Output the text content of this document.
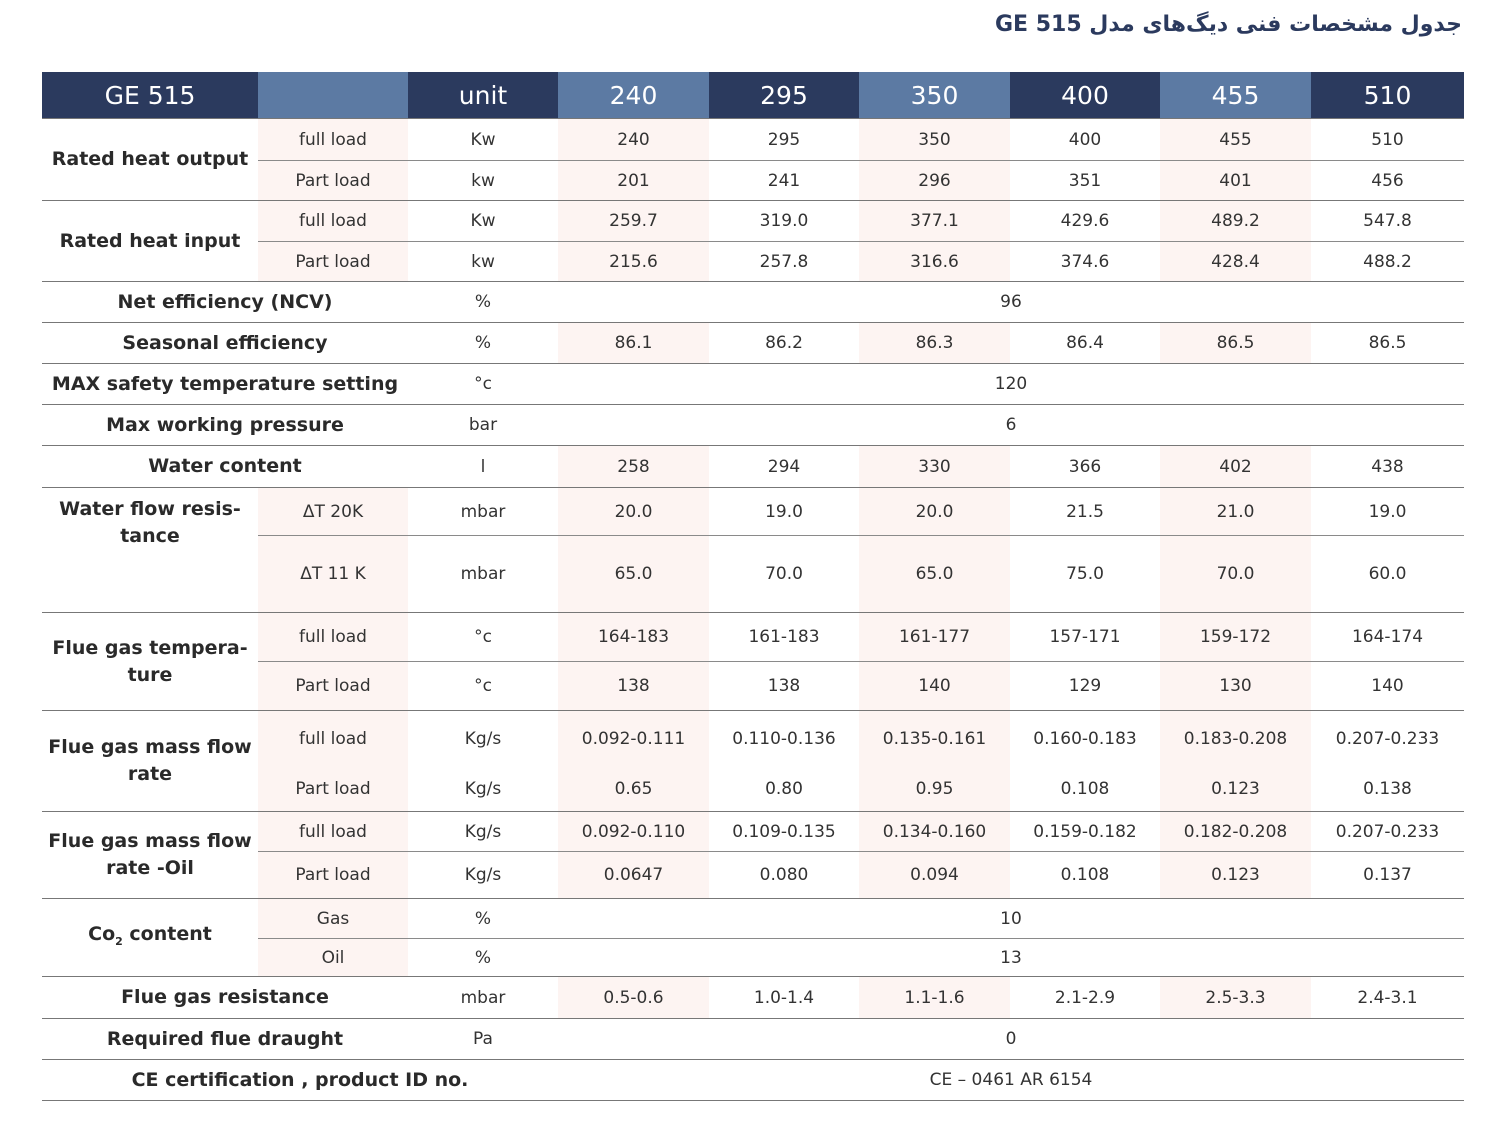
جدول مشخصات فنی دیگ‌های مدل GE 515
GE 515		unit	240	295	350	400	455	510
Rated heat output	full load	Kw	240	295	350	400	455	510
	Part load	kw	201	241	296	351	401	456
Rated heat input	full load	Kw	259.7	319.0	377.1	429.6	489.2	547.8
	Part load	kw	215.6	257.8	316.6	374.6	428.4	488.2
Net efficiency (NCV)		%	96					
Seasonal efficiency		%	86.1	86.2	86.3	86.4	86.5	86.5
MAX safety temperature setting		°c	120					
Max working pressure		bar	6					
Water content		l	258	294	330	366	402	438
Water flow resis-
tance	ΔT 20K	mbar	20.0	19.0	20.0	21.5	21.0	19.0
	ΔT 11 K	mbar	65.0	70.0	65.0	75.0	70.0	60.0
Flue gas tempera-
ture	full load	°c	164-183	161-183	161-177	157-171	159-172	164-174
	Part load	°c	138	138	140	129	130	140
Flue gas mass flow
rate	full load	Kg/s	0.092-0.111	0.110-0.136	0.135-0.161	0.160-0.183	0.183-0.208	0.207-0.233
	Part load	Kg/s	0.65	0.80	0.95	0.108	0.123	0.138
Flue gas mass flow
rate -Oil	full load	Kg/s	0.092-0.110	0.109-0.135	0.134-0.160	0.159-0.182	0.182-0.208	0.207-0.233
	Part load	Kg/s	0.0647	0.080	0.094	0.108	0.123	0.137
$Co_2$ content	Gas	%	10					
	Oil	%	13					
Flue gas resistance		mbar	0.5-0.6	1.0-1.4	1.1-1.6	2.1-2.9	2.5-3.3	2.4-3.1
Required flue draught		Pa	0					
CE certification , product ID no.			CE – 0461 AR 6154					
